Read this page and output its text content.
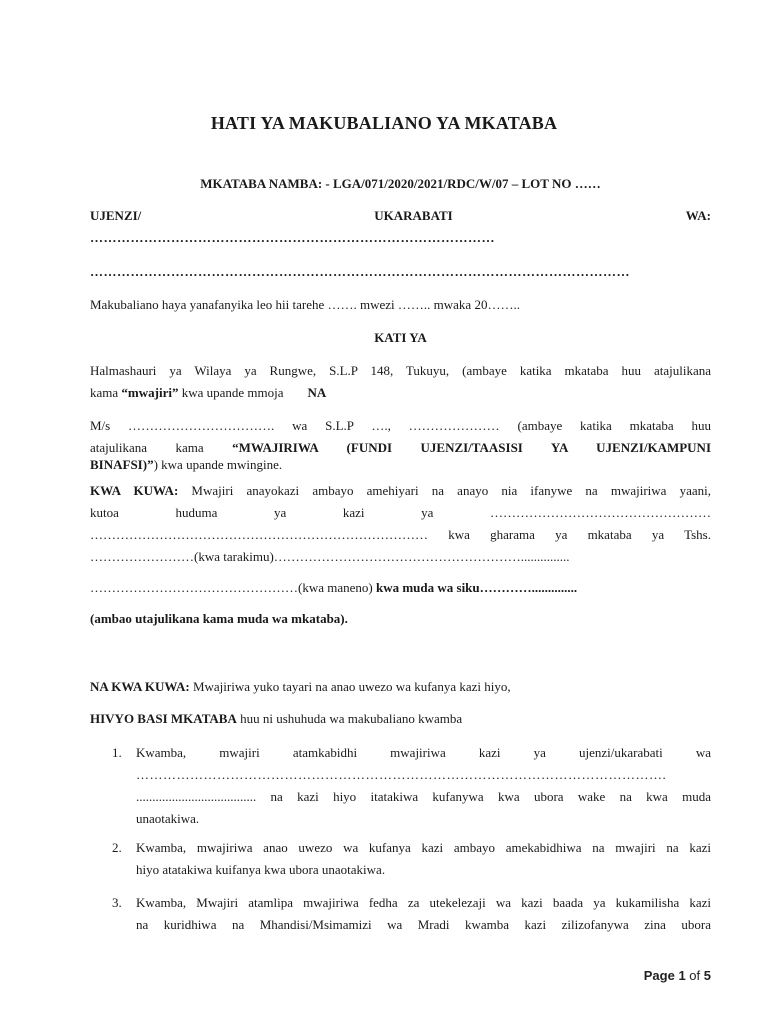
HATI YA MAKUBALIANO YA MKATABA
MKATABA NAMBA: - LGA/071/2020/2021/RDC/W/07 – LOT NO ……
UJENZI/	UKARABATI	WA:
………………………………………………………………………………
…………………………………………………………………………………………………………
Makubaliano haya yanafanyika leo hii tarehe ……. mwezi …….. mwaka 20……..
KATI YA
Halmashauri ya Wilaya ya Rungwe, S.L.P 148, Tukuyu, (ambaye katika mkataba huu atajulikana
kama “mwajiri” kwa upande mmoja NA
M/s ……………………………. wa S.L.P …., ………………… (ambaye katika mkataba huu
atajulikana kama “MWAJIRIWA (FUNDI UJENZI/TAASISI YA UJENZI/KAMPUNI
BINAFSI)”) kwa upande mwingine.
KWA KUWA: Mwajiri anayokazi ambayo amehiyari na anayo nia ifanywe na mwajiriwa yaani,
kutoa huduma ya kazi ya ……………………………………………
…………………………………………………………………… kwa gharama ya mkataba ya Tshs.
……………………(kwa tarakimu)…………………………………………………...............
…………………………………………(kwa maneno) kwa muda wa siku…………..............
(ambao utajulikana kama muda wa mkataba).
NA KWA KUWA: Mwajiriwa yuko tayari na anao uwezo wa kufanya kazi hiyo,
HIVYO BASI MKATABA huu ni ushuhuda wa makubaliano kwamba
1.	Kwamba, mwajiri atamkabidhi mwajiriwa kazi ya ujenzi/ukarabati wa
……………………………………………………………………………………………………….
..................................... na kazi hiyo itatakiwa kufanywa kwa ubora wake na kwa muda
unaotakiwa.
2.	Kwamba, mwajiriwa anao uwezo wa kufanya kazi ambayo amekabidhiwa na mwajiri na kazi
hiyo atatakiwa kuifanya kwa ubora unaotakiwa.
3.	Kwamba, Mwajiri atamlipa mwajiriwa fedha za utekelezaji wa kazi baada ya kukamilisha kazi
na kuridhiwa na Mhandisi/Msimamizi wa Mradi kwamba kazi zilizofanywa zina ubora
Page 1 of 5
